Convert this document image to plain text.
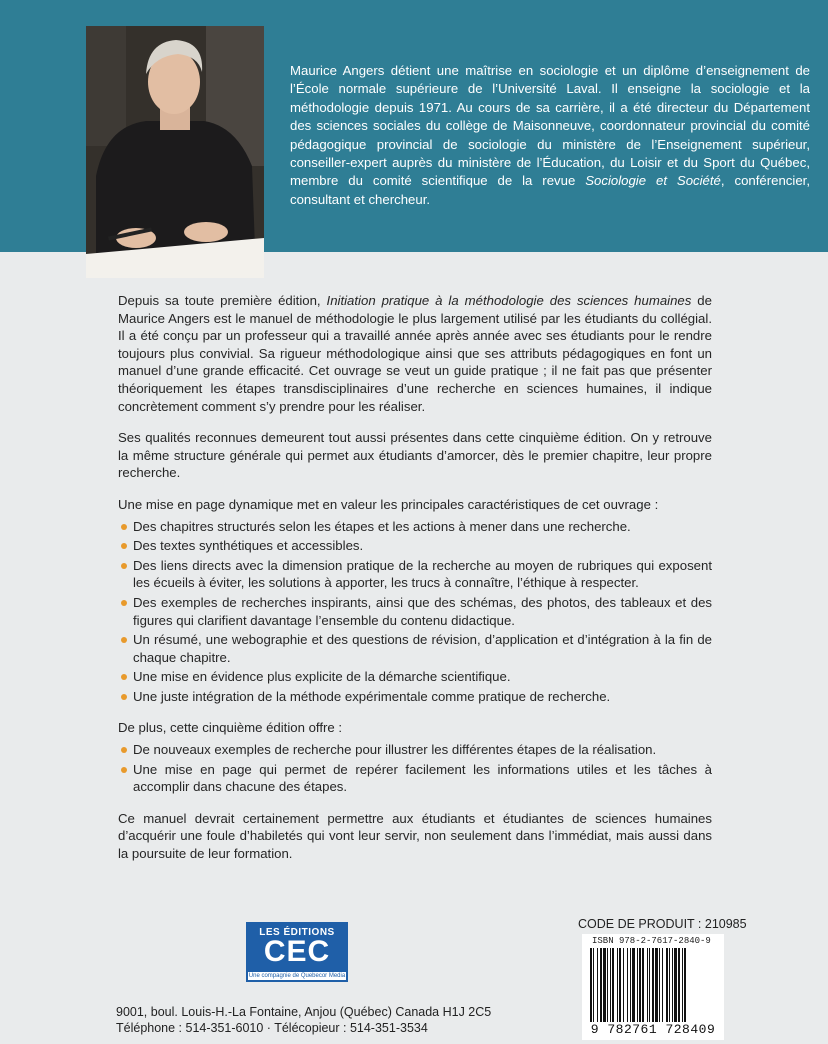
Maurice Angers détient une maîtrise en sociologie et un diplôme d’enseignement de l’École normale supérieure de l’Université Laval. Il enseigne la sociologie et la méthodologie depuis 1971. Au cours de sa carrière, il a été directeur du Département des sciences sociales du collège de Maisonneuve, coordonnateur provincial du comité pédagogique provincial de sociologie du ministère de l’Enseignement supérieur, conseiller-expert auprès du ministère de l’Éducation, du Loisir et du Sport du Québec, membre du comité scientifique de la revue Sociologie et Société, conférencier, consultant et chercheur.

Depuis sa toute première édition, Initiation pratique à la méthodologie des sciences humaines de Maurice Angers est le manuel de méthodologie le plus largement utilisé par les étudiants du collégial. Il a été conçu par un professeur qui a travaillé année après année avec ses étudiants pour le rendre toujours plus convivial. Sa rigueur méthodologique ainsi que ses attributs pédagogiques en font un manuel d’une grande efficacité. Cet ouvrage se veut un guide pratique ; il ne fait pas que présenter théoriquement les étapes transdisciplinaires d’une recherche en sciences humaines, il indique concrètement comment s’y prendre pour les réaliser.

Ses qualités reconnues demeurent tout aussi présentes dans cette cinquième édition. On y retrouve la même structure générale qui permet aux étudiants d’amorcer, dès le premier chapitre, leur propre recherche.

Une mise en page dynamique met en valeur les principales caractéristiques de cet ouvrage :

Des chapitres structurés selon les étapes et les actions à mener dans une recherche.
Des textes synthétiques et accessibles.
Des liens directs avec la dimension pratique de la recherche au moyen de rubriques qui exposent les écueils à éviter, les solutions à apporter, les trucs à connaître, l’éthique à respecter.
Des exemples de recherches inspirants, ainsi que des schémas, des photos, des tableaux et des figures qui clarifient davantage l’ensemble du contenu didactique.
Un résumé, une webographie et des questions de révision, d’application et d’intégration à la fin de chaque chapitre.
Une mise en évidence plus explicite de la démarche scientifique.
Une juste intégration de la méthode expérimentale comme pratique de recherche.

De plus, cette cinquième édition offre :

De nouveaux exemples de recherche pour illustrer les différentes étapes de la réalisation.
Une mise en page qui permet de repérer facilement les informations utiles et les tâches à accomplir dans chacune des étapes.

Ce manuel devrait certainement permettre aux étudiants et étudiantes de sciences humaines d’acquérir une foule d’habiletés qui vont leur servir, non seulement dans l’immédiat, mais aussi dans la poursuite de leur formation.

LES ÉDITIONS
CEC
Une compagnie de Quebecor Media
9001, boul. Louis-H.-La Fontaine, Anjou (Québec) Canada H1J 2C5
Téléphone : 514-351-6010 · Télécopieur : 514-351-3534
CODE DE PRODUIT : 210985
ISBN 978-2-7617-2840-9
9 782761 728409
